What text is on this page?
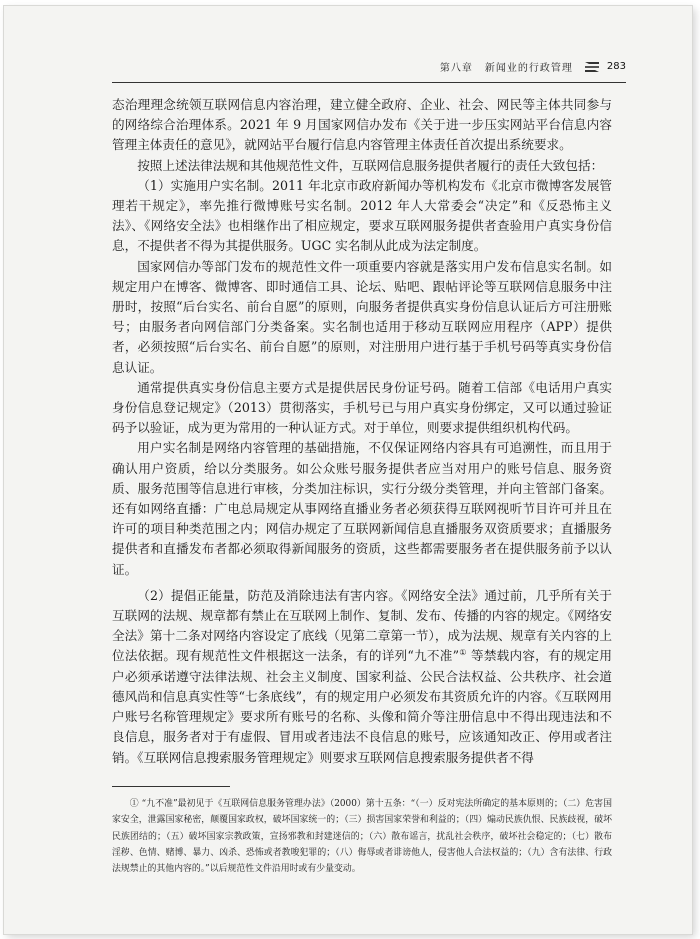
第八章 新闻业的行政管理	283

态治理理念统领互联网信息内容治理，建立健全政府、企业、社会、网民等主体共同参与的网络综合治理体系。2021 年 9 月国家网信办发布《关于进一步压实网站平台信息内容管理主体责任的意见》，就网站平台履行信息内容管理主体责任首次提出系统要求。

按照上述法律法规和其他规范性文件，互联网信息服务提供者履行的责任大致包括：

（1）实施用户实名制。2011 年北京市政府新闻办等机构发布《北京市微博客发展管理若干规定》，率先推行微博账号实名制。2012 年人大常委会“决定”和《反恐怖主义法》、《网络安全法》也相继作出了相应规定，要求互联网服务提供者查验用户真实身份信息，不提供者不得为其提供服务。UGC 实名制从此成为法定制度。

国家网信办等部门发布的规范性文件一项重要内容就是落实用户发布信息实名制。如规定用户在博客、微博客、即时通信工具、论坛、贴吧、跟帖评论等互联网信息服务中注册时，按照“后台实名、前台自愿”的原则，向服务者提供真实身份信息认证后方可注册账号；由服务者向网信部门分类备案。实名制也适用于移动互联网应用程序（APP）提供者，必须按照“后台实名、前台自愿”的原则，对注册用户进行基于手机号码等真实身份信息认证。

通常提供真实身份信息主要方式是提供居民身份证号码。随着工信部《电话用户真实身份信息登记规定》（2013）贯彻落实，手机号已与用户真实身份绑定，又可以通过验证码予以验证，成为更为常用的一种认证方式。对于单位，则要求提供组织机构代码。

用户实名制是网络内容管理的基础措施，不仅保证网络内容具有可追溯性，而且用于确认用户资质，给以分类服务。如公众账号服务提供者应当对用户的账号信息、服务资质、服务范围等信息进行审核，分类加注标识，实行分级分类管理，并向主管部门备案。还有如网络直播：广电总局规定从事网络直播业务者必须获得互联网视听节目许可并且在许可的项目种类范围之内；网信办规定了互联网新闻信息直播服务双资质要求；直播服务提供者和直播发布者都必须取得新闻服务的资质，这些都需要服务者在提供服务前予以认证。

（2）提倡正能量，防范及消除违法有害内容。《网络安全法》通过前，几乎所有关于互联网的法规、规章都有禁止在互联网上制作、复制、发布、传播的内容的规定。《网络安全法》第十二条对网络内容设定了底线（见第二章第一节），成为法规、规章有关内容的上位法依据。现有规范性文件根据这一法条，有的详列“九不准”① 等禁载内容，有的规定用户必须承诺遵守法律法规、社会主义制度、国家利益、公民合法权益、公共秩序、社会道德风尚和信息真实性等“七条底线”，有的规定用户必须发布其资质允许的内容。《互联网用户账号名称管理规定》要求所有账号的名称、头像和简介等注册信息中不得出现违法和不良信息，服务者对于有虚假、冒用或者违法不良信息的账号，应该通知改正、停用或者注销。《互联网信息搜索服务管理规定》则要求互联网信息搜索服务提供者不得

① “九不准”最初见于《互联网信息服务管理办法》（2000）第十五条：“（一）反对宪法所确定的基本原则的；（二）危害国家安全，泄露国家秘密，颠覆国家政权，破坏国家统一的；（三）损害国家荣誉和利益的；（四）煽动民族仇恨、民族歧视，破坏民族团结的；（五）破坏国家宗教政策，宣扬邪教和封建迷信的；（六）散布谣言，扰乱社会秩序，破坏社会稳定的；（七）散布淫秽、色情、赌博、暴力、凶杀、恐怖或者教唆犯罪的；（八）侮辱或者诽谤他人，侵害他人合法权益的；（九）含有法律、行政法规禁止的其他内容的。”以后规范性文件沿用时或有少量变动。
